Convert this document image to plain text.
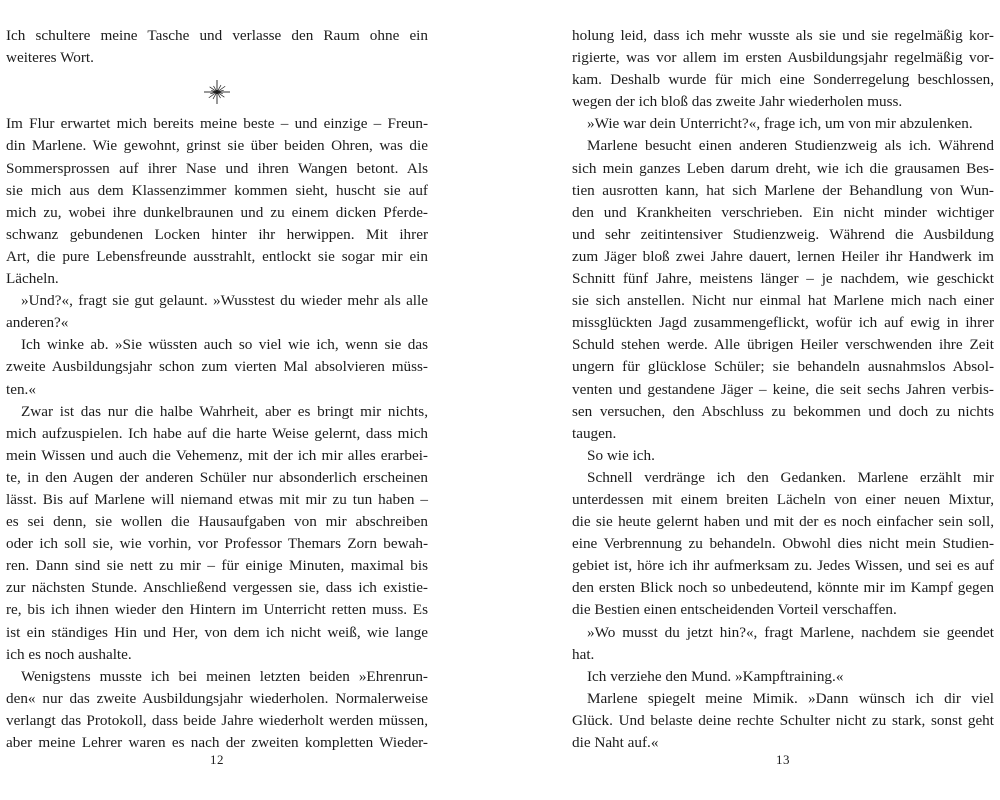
Ich schultere meine Tasche und verlasse den Raum ohne ein
weiteres Wort.
Im Flur erwartet mich bereits meine beste – und einzige – Freun-
din Marlene. Wie gewohnt, grinst sie über beiden Ohren, was die
Sommersprossen auf ihrer Nase und ihren Wangen betont. Als
sie mich aus dem Klassenzimmer kommen sieht, huscht sie auf
mich zu, wobei ihre dunkelbraunen und zu einem dicken Pferde-
schwanz gebundenen Locken hinter ihr herwippen. Mit ihrer
Art, die pure Lebensfreunde ausstrahlt, entlockt sie sogar mir ein
Lächeln.
»Und?«, fragt sie gut gelaunt. »Wusstest du wieder mehr als alle
anderen?«
Ich winke ab. »Sie wüssten auch so viel wie ich, wenn sie das
zweite Ausbildungsjahr schon zum vierten Mal absolvieren müss-
ten.«
Zwar ist das nur die halbe Wahrheit, aber es bringt mir nichts,
mich aufzuspielen. Ich habe auf die harte Weise gelernt, dass mich
mein Wissen und auch die Vehemenz, mit der ich mir alles erarbei-
te, in den Augen der anderen Schüler nur absonderlich erscheinen
lässt. Bis auf Marlene will niemand etwas mit mir zu tun haben –
es sei denn, sie wollen die Hausaufgaben von mir abschreiben
oder ich soll sie, wie vorhin, vor Professor Themars Zorn bewah-
ren. Dann sind sie nett zu mir – für einige Minuten, maximal bis
zur nächsten Stunde. Anschließend vergessen sie, dass ich existie-
re, bis ich ihnen wieder den Hintern im Unterricht retten muss. Es
ist ein ständiges Hin und Her, von dem ich nicht weiß, wie lange
ich es noch aushalte.
Wenigstens musste ich bei meinen letzten beiden »Ehrenrun-
den« nur das zweite Ausbildungsjahr wiederholen. Normalerweise
verlangt das Protokoll, dass beide Jahre wiederholt werden müssen,
aber meine Lehrer waren es nach der zweiten kompletten Wieder-
12
holung leid, dass ich mehr wusste als sie und sie regelmäßig kor-
rigierte, was vor allem im ersten Ausbildungsjahr regelmäßig vor-
kam. Deshalb wurde für mich eine Sonderregelung beschlossen,
wegen der ich bloß das zweite Jahr wiederholen muss.
»Wie war dein Unterricht?«, frage ich, um von mir abzulenken.
Marlene besucht einen anderen Studienzweig als ich. Während
sich mein ganzes Leben darum dreht, wie ich die grausamen Bes-
tien ausrotten kann, hat sich Marlene der Behandlung von Wun-
den und Krankheiten verschrieben. Ein nicht minder wichtiger
und sehr zeitintensiver Studienzweig. Während die Ausbildung
zum Jäger bloß zwei Jahre dauert, lernen Heiler ihr Handwerk im
Schnitt fünf Jahre, meistens länger – je nachdem, wie geschickt
sie sich anstellen. Nicht nur einmal hat Marlene mich nach einer
missglückten Jagd zusammengeflickt, wofür ich auf ewig in ihrer
Schuld stehen werde. Alle übrigen Heiler verschwenden ihre Zeit
ungern für glücklose Schüler; sie behandeln ausnahmslos Absol-
venten und gestandene Jäger – keine, die seit sechs Jahren verbis-
sen versuchen, den Abschluss zu bekommen und doch zu nichts
taugen.
So wie ich.
Schnell verdränge ich den Gedanken. Marlene erzählt mir
unterdessen mit einem breiten Lächeln von einer neuen Mixtur,
die sie heute gelernt haben und mit der es noch einfacher sein soll,
eine Verbrennung zu behandeln. Obwohl dies nicht mein Studien-
gebiet ist, höre ich ihr aufmerksam zu. Jedes Wissen, und sei es auf
den ersten Blick noch so unbedeutend, könnte mir im Kampf gegen
die Bestien einen entscheidenden Vorteil verschaffen.
»Wo musst du jetzt hin?«, fragt Marlene, nachdem sie geendet
hat.
Ich verziehe den Mund. »Kampftraining.«
Marlene spiegelt meine Mimik. »Dann wünsch ich dir viel
Glück. Und belaste deine rechte Schulter nicht zu stark, sonst geht
die Naht auf.«
13
